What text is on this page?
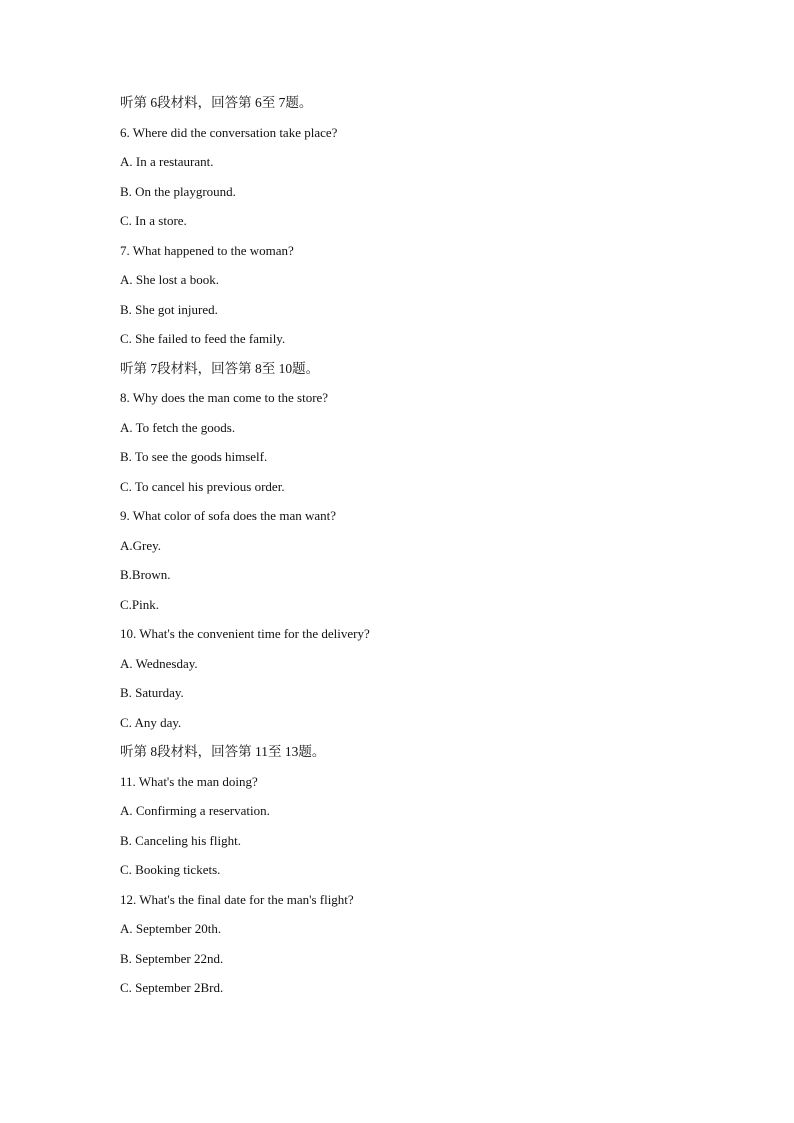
听第 6段材料，回答第 6至 7题。
6. Where did the conversation take place?
A. In a restaurant.
B. On the playground.
C. In a store.
7. What happened to the woman?
A. She lost a book.
B. She got injured.
C. She failed to feed the family.
听第 7段材料，回答第 8至 10题。
8. Why does the man come to the store?
A. To fetch the goods.
B. To see the goods himself.
C. To cancel his previous order.
9. What color of sofa does the man want?
A.Grey.
B.Brown.
C.Pink.
10. What's the convenient time for the delivery?
A. Wednesday.
B. Saturday.
C. Any day.
听第 8段材料，回答第 11至 13题。
11. What's the man doing?
A. Confirming a reservation.
B. Canceling his flight.
C. Booking tickets.
12. What's the final date for the man's flight?
A. September 20th.
B. September 22nd.
C. September 2Brd.
